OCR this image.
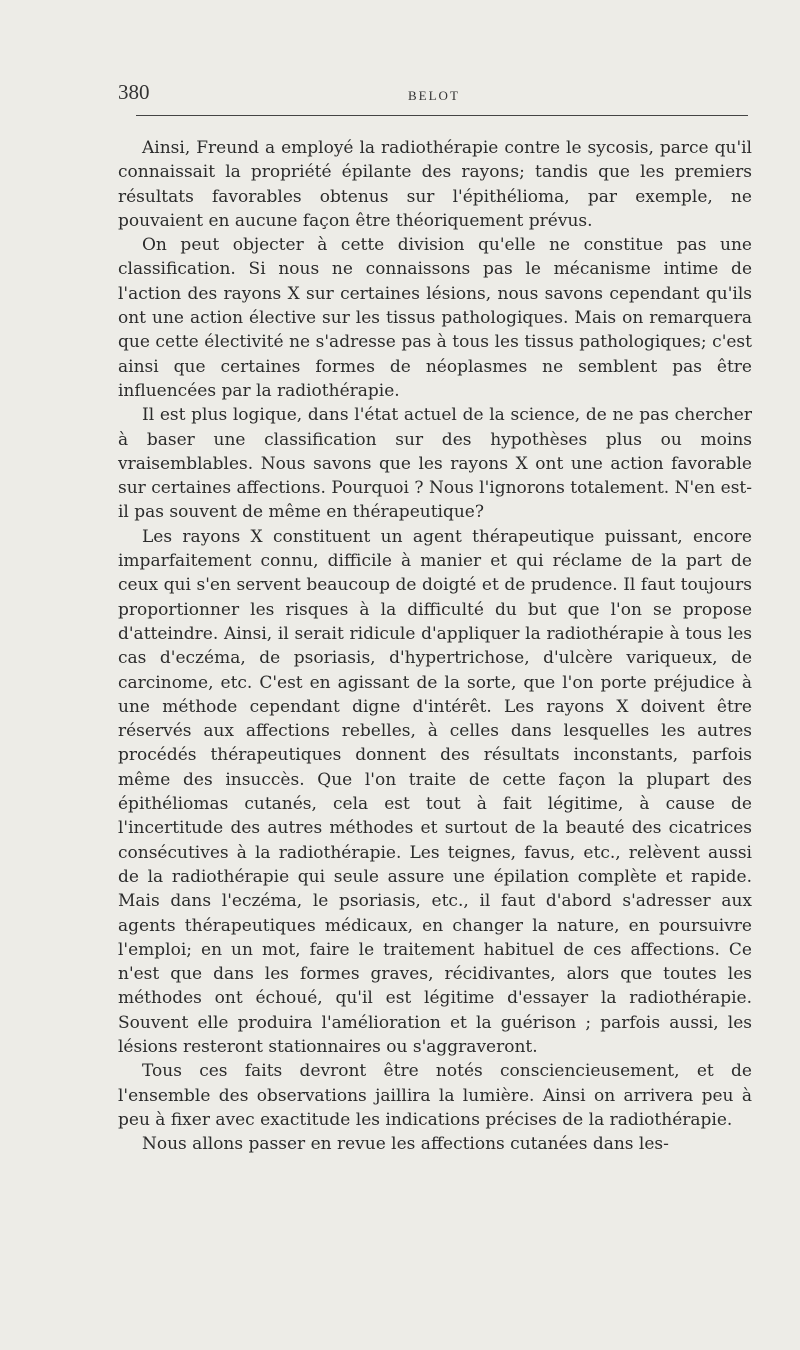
380	BELOT

Ainsi, Freund a employé la radiothérapie contre le sycosis, parce qu'il connaissait la propriété épilante des rayons; tandis que les premiers résultats favorables obtenus sur l'épithélioma, par exemple, ne pouvaient en aucune façon être théoriquement prévus.

On peut objecter à cette division qu'elle ne constitue pas une classification. Si nous ne connaissons pas le mécanisme intime de l'action des rayons X sur certaines lésions, nous savons cependant qu'ils ont une action élective sur les tissus pathologiques. Mais on remarquera que cette électivité ne s'adresse pas à tous les tissus pathologiques; c'est ainsi que certaines formes de néoplasmes ne semblent pas être influencées par la radiothérapie.

Il est plus logique, dans l'état actuel de la science, de ne pas chercher à baser une classification sur des hypothèses plus ou moins vraisemblables. Nous savons que les rayons X ont une action favorable sur certaines affections. Pourquoi ? Nous l'ignorons totalement. N'en est-il pas souvent de même en thérapeutique?

Les rayons X constituent un agent thérapeutique puissant, encore imparfaitement connu, difficile à manier et qui réclame de la part de ceux qui s'en servent beaucoup de doigté et de prudence. Il faut toujours proportionner les risques à la difficulté du but que l'on se propose d'atteindre. Ainsi, il serait ridicule d'appliquer la radiothérapie à tous les cas d'eczéma, de psoriasis, d'hypertrichose, d'ulcère variqueux, de carcinome, etc. C'est en agissant de la sorte, que l'on porte préjudice à une méthode cependant digne d'intérêt. Les rayons X doivent être réservés aux affections rebelles, à celles dans lesquelles les autres procédés thérapeutiques donnent des résultats inconstants, parfois même des insuccès. Que l'on traite de cette façon la plupart des épithéliomas cutanés, cela est tout à fait légitime, à cause de l'incertitude des autres méthodes et surtout de la beauté des cicatrices consécutives à la radiothérapie. Les teignes, favus, etc., relèvent aussi de la radiothérapie qui seule assure une épilation complète et rapide. Mais dans l'eczéma, le psoriasis, etc., il faut d'abord s'adresser aux agents thérapeutiques médicaux, en changer la nature, en poursuivre l'emploi; en un mot, faire le traitement habituel de ces affections. Ce n'est que dans les formes graves, récidivantes, alors que toutes les méthodes ont échoué, qu'il est légitime d'essayer la radiothérapie. Souvent elle produira l'amélioration et la guérison ; parfois aussi, les lésions resteront stationnaires ou s'aggraveront.

Tous ces faits devront être notés consciencieusement, et de l'ensemble des observations jaillira la lumière. Ainsi on arrivera peu à peu à fixer avec exactitude les indications précises de la radiothérapie.

Nous allons passer en revue les affections cutanées dans les-
